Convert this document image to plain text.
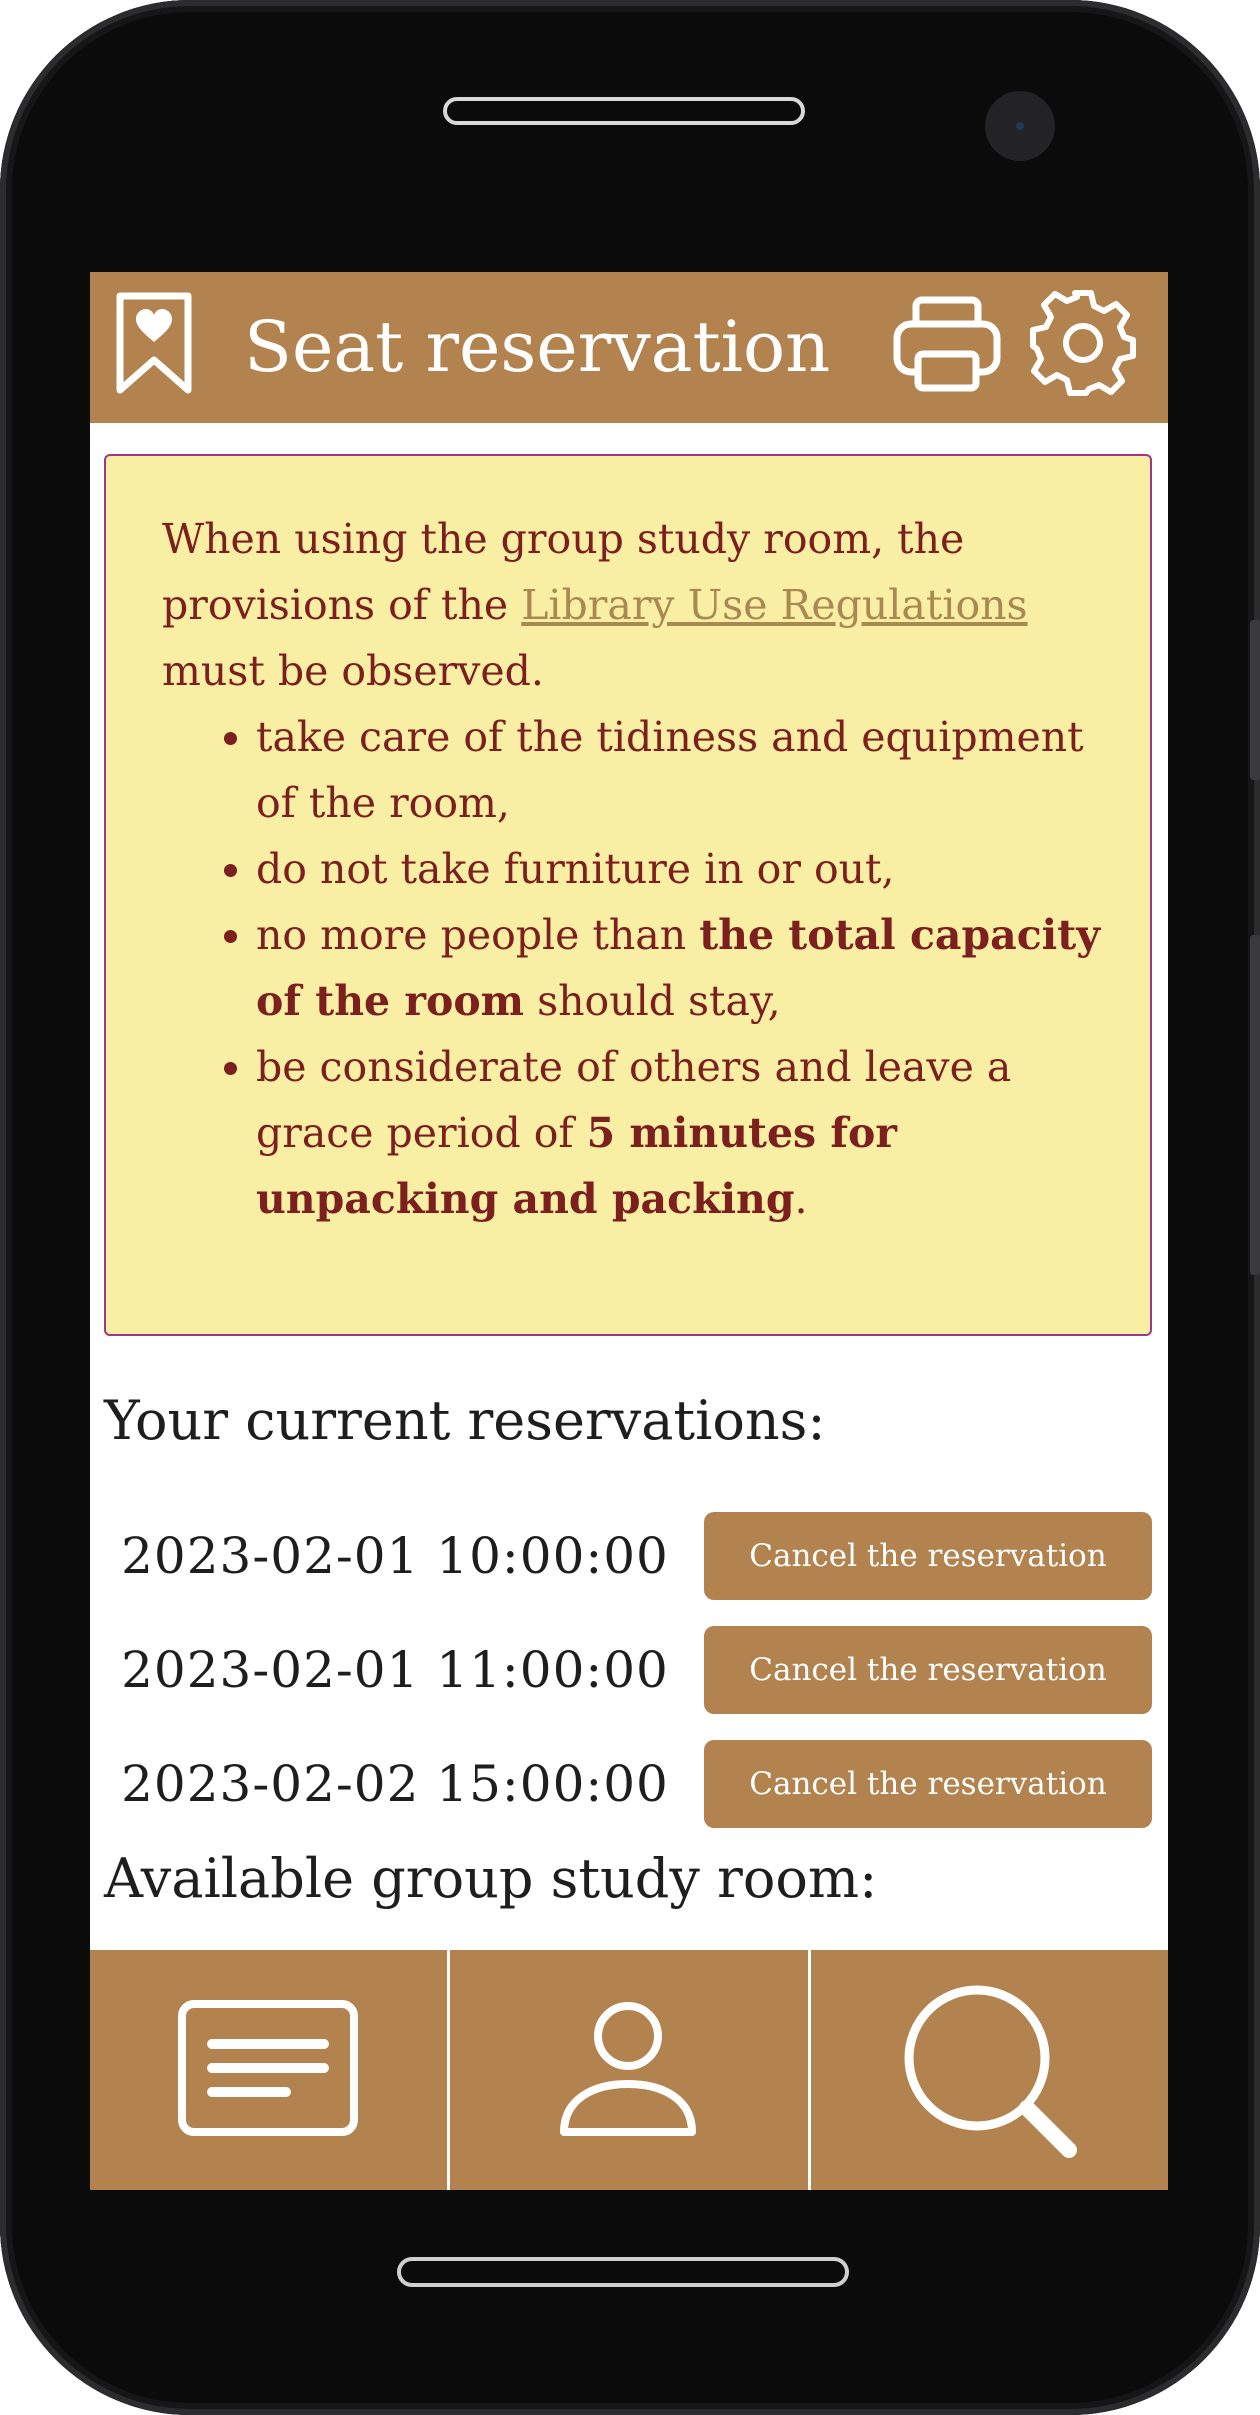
Seat reservation

When using the group study room, the provisions of the Library Use Regulations must be observed.

• take care of the tidiness and equipment of the room,
• do not take furniture in or out,
• no more people than the total capacity of the room should stay,
• be considerate of others and leave a grace period of 5 minutes for unpacking and packing.
Your current reservations:
2023-02-01 10:00:00	Cancel the reservation
2023-02-01 11:00:00	Cancel the reservation
2023-02-02 15:00:00	Cancel the reservation
Available group study room:
